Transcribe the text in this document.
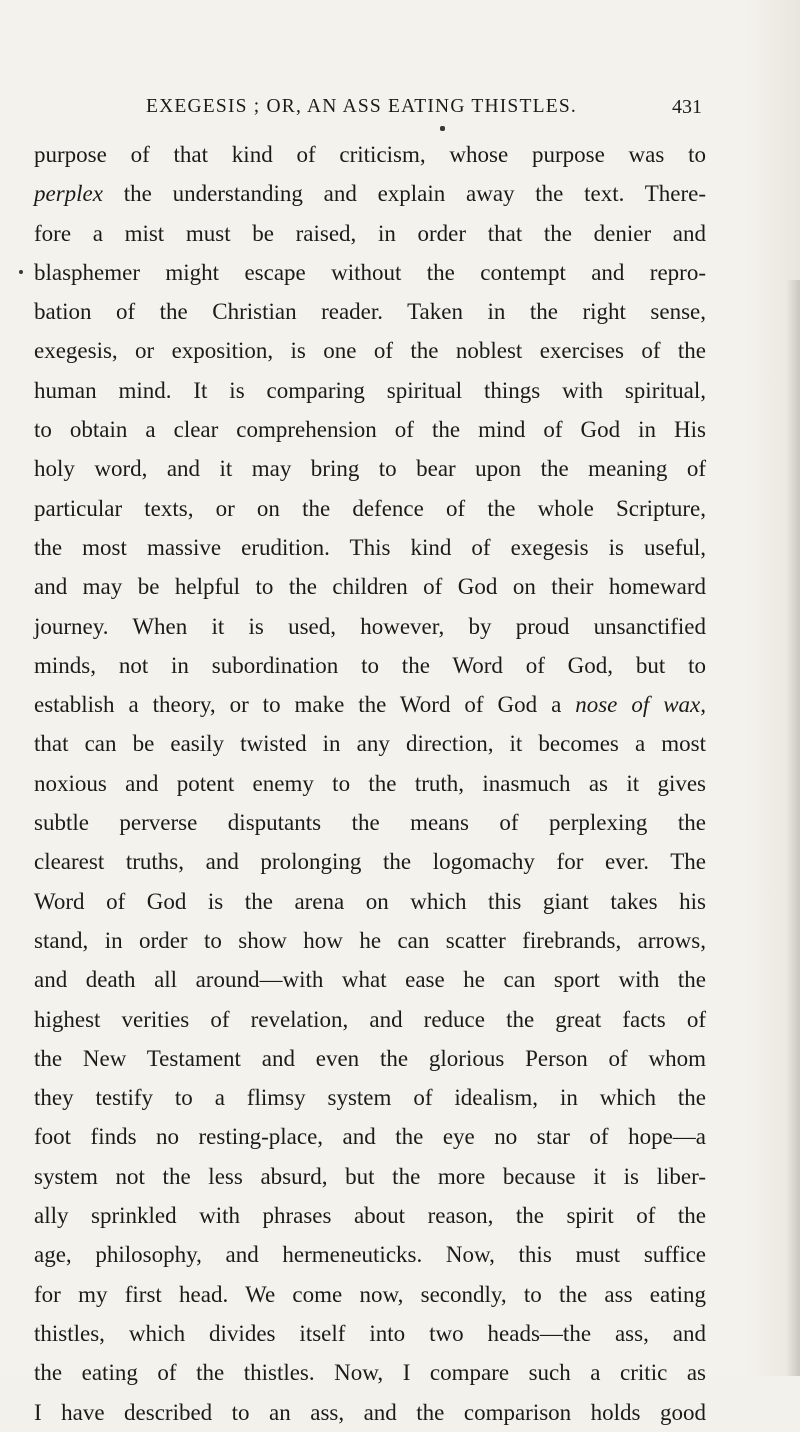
EXEGESIS ; OR, AN ASS EATING THISTLES.	431
purpose of that kind of criticism, whose purpose was to
perplex the understanding and explain away the text. There-
fore a mist must be raised, in order that the denier and
blasphemer might escape without the contempt and repro-
bation of the Christian reader. Taken in the right sense,
exegesis, or exposition, is one of the noblest exercises of the
human mind. It is comparing spiritual things with spiritual,
to obtain a clear comprehension of the mind of God in His
holy word, and it may bring to bear upon the meaning of
particular texts, or on the defence of the whole Scripture,
the most massive erudition. This kind of exegesis is useful,
and may be helpful to the children of God on their homeward
journey. When it is used, however, by proud unsanctified
minds, not in subordination to the Word of God, but to
establish a theory, or to make the Word of God a nose of wax,
that can be easily twisted in any direction, it becomes a most
noxious and potent enemy to the truth, inasmuch as it gives
subtle perverse disputants the means of perplexing the
clearest truths, and prolonging the logomachy for ever. The
Word of God is the arena on which this giant takes his
stand, in order to show how he can scatter firebrands, arrows,
and death all around—with what ease he can sport with the
highest verities of revelation, and reduce the great facts of
the New Testament and even the glorious Person of whom
they testify to a flimsy system of idealism, in which the
foot finds no resting-place, and the eye no star of hope—a
system not the less absurd, but the more because it is liber-
ally sprinkled with phrases about reason, the spirit of the
age, philosophy, and hermeneuticks. Now, this must suffice
for my first head. We come now, secondly, to the ass eating
thistles, which divides itself into two heads—the ass, and
the eating of the thistles. Now, I compare such a critic as
I have described to an ass, and the comparison holds good
